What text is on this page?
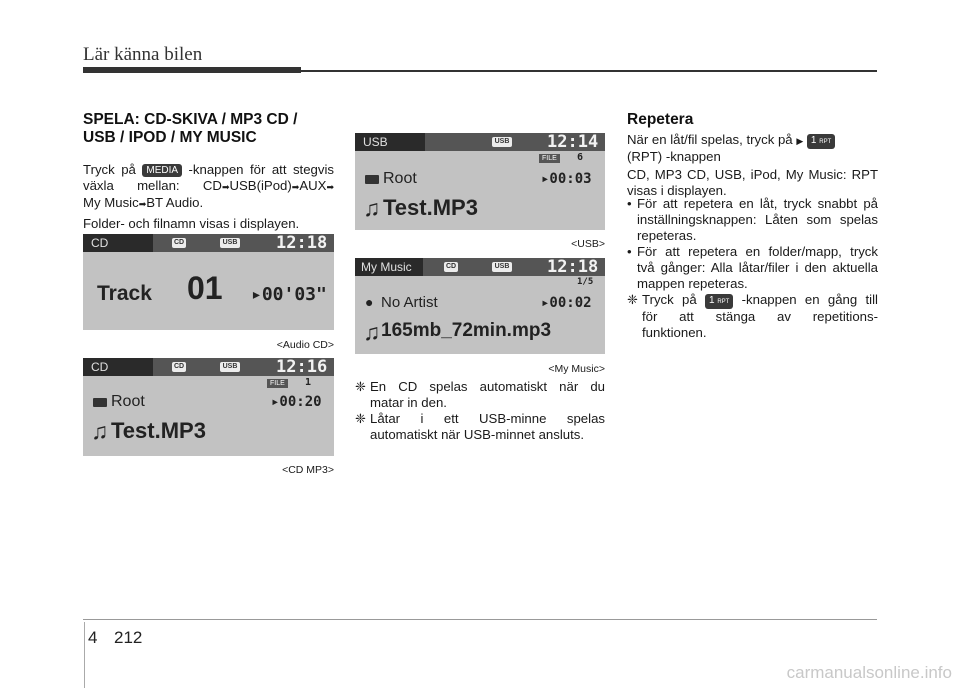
Lär känna bilen
SPELA: CD-SKIVA / MP3 CD /
USB / IPOD / MY MUSIC
Tryck på MEDIA -knappen för att stegvis
växla mellan: CD➡USB(iPod)➡AUX➡
My Music➡BT Audio.
Folder- och filnamn visas i displayen.
CD	CD	USB 12:18
Track 01 ▸00'03"
<Audio CD>
CD	CD	USB 12:16
FILE	1
Root	▸00:20
♫ Test.MP3
<CD MP3>
USB	USB 12:14
FILE	6
Root	▸00:03
♫ Test.MP3
<USB>
My Music	CD	USB 12:18
1/5
● No Artist	▸00:02
♫ 165mb_72min.mp3
<My Music>
❈ En CD spelas automatiskt när du
matar in den.
❈ Låtar i ett USB-minne spelas
automatiskt när USB-minnet ansluts.
Repetera
När en låt/fil spelas, tryck på ▶ 1 RPT
(RPT) -knappen
CD, MP3 CD, USB, iPod, My Music: RPT
visas i displayen.
• För att repetera en låt, tryck snabbt på
inställningsknappen: Låten som spelas
repeteras.
• För att repetera en folder/mapp, tryck
två gånger: Alla låtar/filer i den aktuella
mappen repeteras.
❈ Tryck på 1 RPT -knappen en gång till
för att stänga av repetitions-
funktionen.
4 212
carmanualsonline.info
